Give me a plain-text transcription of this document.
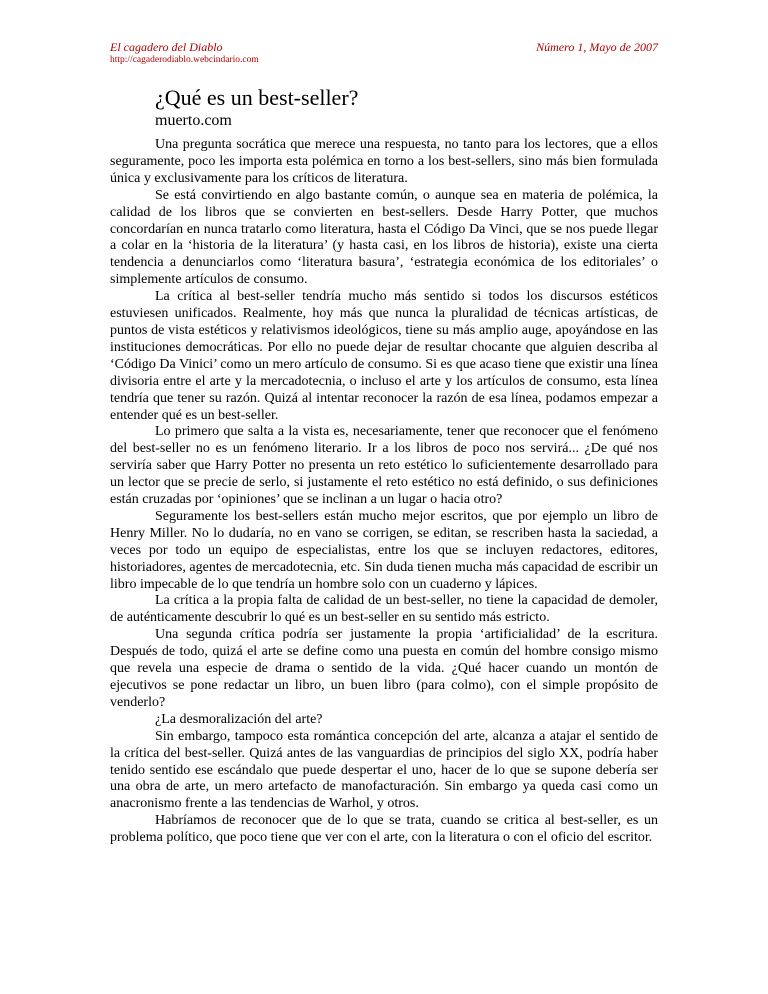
El cagadero del Diablo
http://cagaderodiablo.webcindario.com
Número 1, Mayo de 2007
¿Qué es un best-seller?
muerto.com

Una pregunta socrática que merece una respuesta, no tanto para los lectores, que a ellos seguramente, poco les importa esta polémica en torno a los best-sellers, sino más bien formulada única y exclusivamente para los críticos de literatura.

Se está convirtiendo en algo bastante común, o aunque sea en materia de polémica, la calidad de los libros que se convierten en best-sellers. Desde Harry Potter, que muchos concordarían en nunca tratarlo como literatura, hasta el Código Da Vinci, que se nos puede llegar a colar en la ‘historia de la literatura’ (y hasta casi, en los libros de historia), existe una cierta tendencia a denunciarlos como ‘literatura basura’, ‘estrategia económica de los editoriales’ o simplemente artículos de consumo.

La crítica al best-seller tendría mucho más sentido si todos los discursos estéticos estuviesen unificados. Realmente, hoy más que nunca la pluralidad de técnicas artísticas, de puntos de vista estéticos y relativismos ideológicos, tiene su más amplio auge, apoyándose en las instituciones democráticas. Por ello no puede dejar de resultar chocante que alguien describa al ‘Código Da Vinici’ como un mero artículo de consumo. Si es que acaso tiene que existir una línea divisoria entre el arte y la mercadotecnia, o incluso el arte y los artículos de consumo, esta línea tendría que tener su razón. Quizá al intentar reconocer la razón de esa línea, podamos empezar a entender qué es un best-seller.

Lo primero que salta a la vista es, necesariamente, tener que reconocer que el fenómeno del best-seller no es un fenómeno literario. Ir a los libros de poco nos servirá... ¿De qué nos serviría saber que Harry Potter no presenta un reto estético lo suficientemente desarrollado para un lector que se precie de serlo, si justamente el reto estético no está definido, o sus definiciones están cruzadas por ‘opiniones’ que se inclinan a un lugar o hacia otro?

Seguramente los best-sellers están mucho mejor escritos, que por ejemplo un libro de Henry Miller. No lo dudaría, no en vano se corrigen, se editan, se rescriben hasta la saciedad, a veces por todo un equipo de especialistas, entre los que se incluyen redactores, editores, historiadores, agentes de mercadotecnia, etc. Sin duda tienen mucha más capacidad de escribir un libro impecable de lo que tendría un hombre solo con un cuaderno y lápices.

La crítica a la propia falta de calidad de un best-seller, no tiene la capacidad de demoler, de auténticamente descubrir lo qué es un best-seller en su sentido más estricto.

Una segunda crítica podría ser justamente la propia ‘artificialidad’ de la escritura. Después de todo, quizá el arte se define como una puesta en común del hombre consigo mismo que revela una especie de drama o sentido de la vida. ¿Qué hacer cuando un montón de ejecutivos se pone redactar un libro, un buen libro (para colmo), con el simple propósito de venderlo?

¿La desmoralización del arte?

Sin embargo, tampoco esta romántica concepción del arte, alcanza a atajar el sentido de la crítica del best-seller. Quizá antes de las vanguardias de principios del siglo XX, podría haber tenido sentido ese escándalo que puede despertar el uno, hacer de lo que se supone debería ser una obra de arte, un mero artefacto de manofacturación. Sin embargo ya queda casi como un anacronismo frente a las tendencias de Warhol, y otros.

Habríamos de reconocer que de lo que se trata, cuando se critica al best-seller, es un problema político, que poco tiene que ver con el arte, con la literatura o con el oficio del escritor.
